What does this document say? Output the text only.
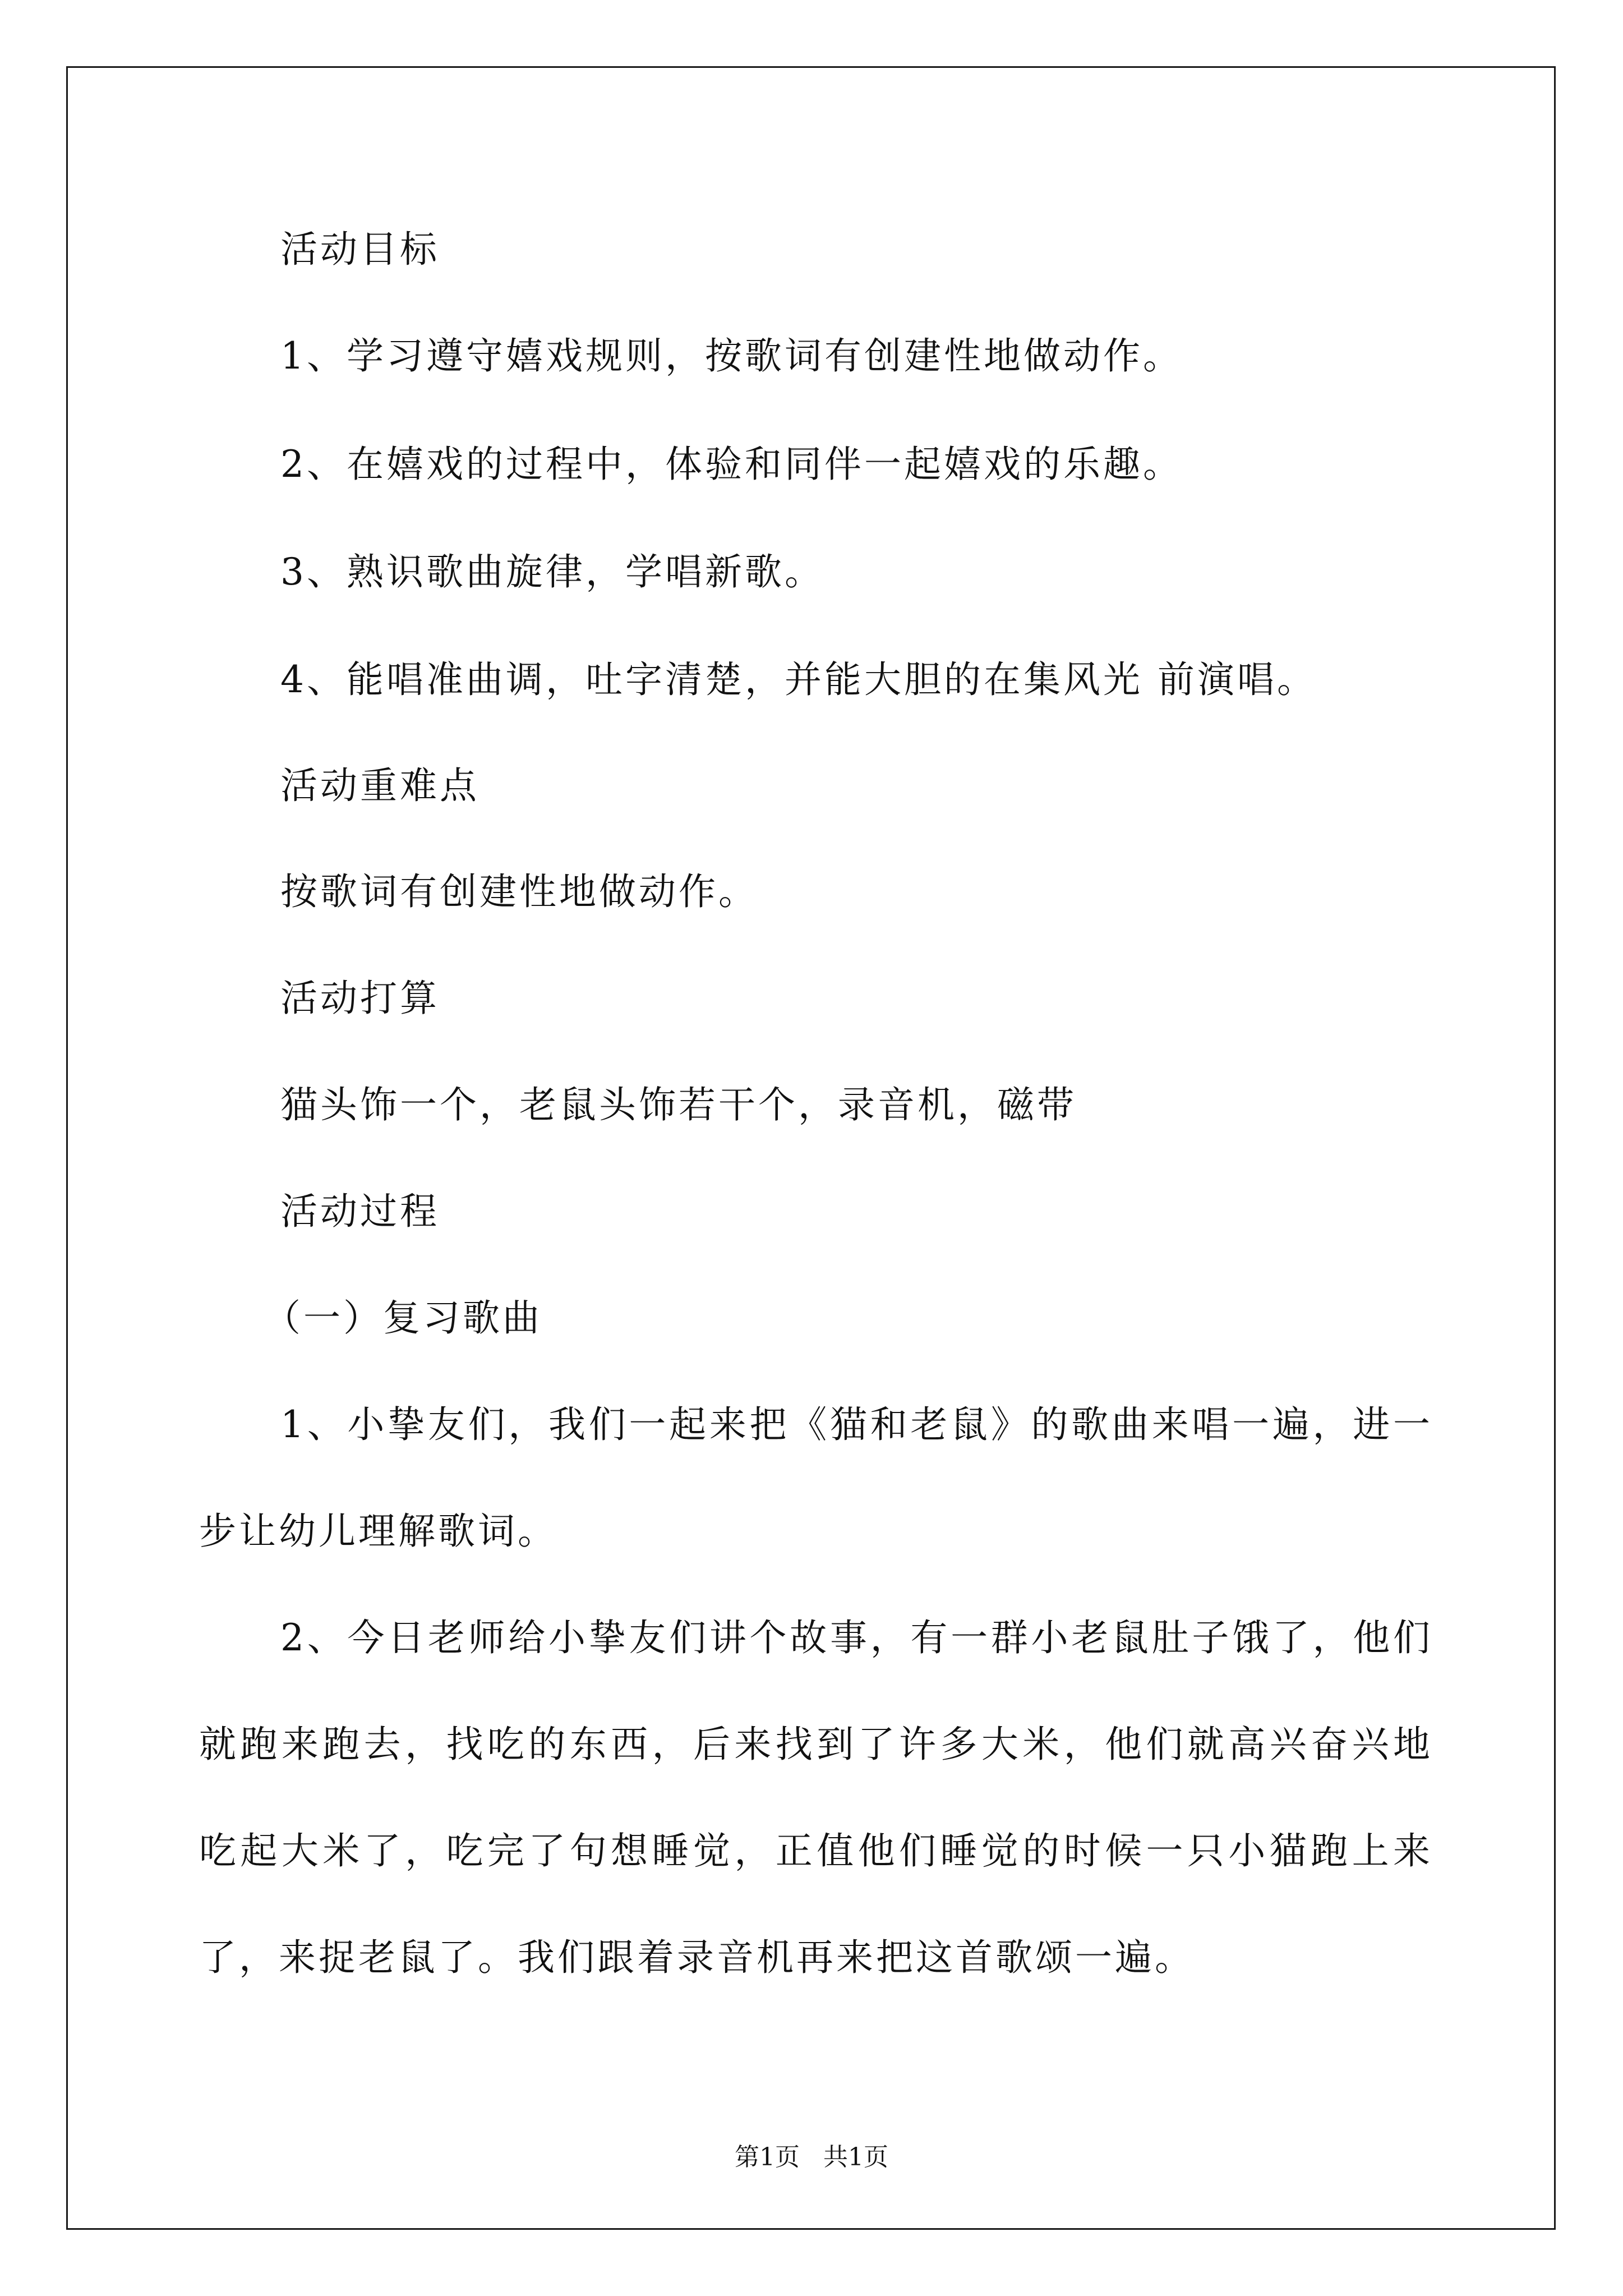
活动目标
1、学习遵守嬉戏规则，按歌词有创建性地做动作。
2、在嬉戏的过程中，体验和同伴一起嬉戏的乐趣。
3、熟识歌曲旋律，学唱新歌。
4、能唱准曲调，吐字清楚，并能大胆的在集风光 前演唱。
活动重难点
按歌词有创建性地做动作。
活动打算
猫头饰一个，老鼠头饰若干个，录音机，磁带
活动过程
（一）复习歌曲
1、小挚友们，我们一起来把《猫和老鼠》的歌曲来唱一遍，进一
步让幼儿理解歌词。
2、今日老师给小挚友们讲个故事，有一群小老鼠肚子饿了，他们
就跑来跑去，找吃的东西，后来找到了许多大米，他们就高兴奋兴地
吃起大米了，吃完了句想睡觉，正值他们睡觉的时候一只小猫跑上来
了，来捉老鼠了。我们跟着录音机再来把这首歌颂一遍。
第1页 共1页
